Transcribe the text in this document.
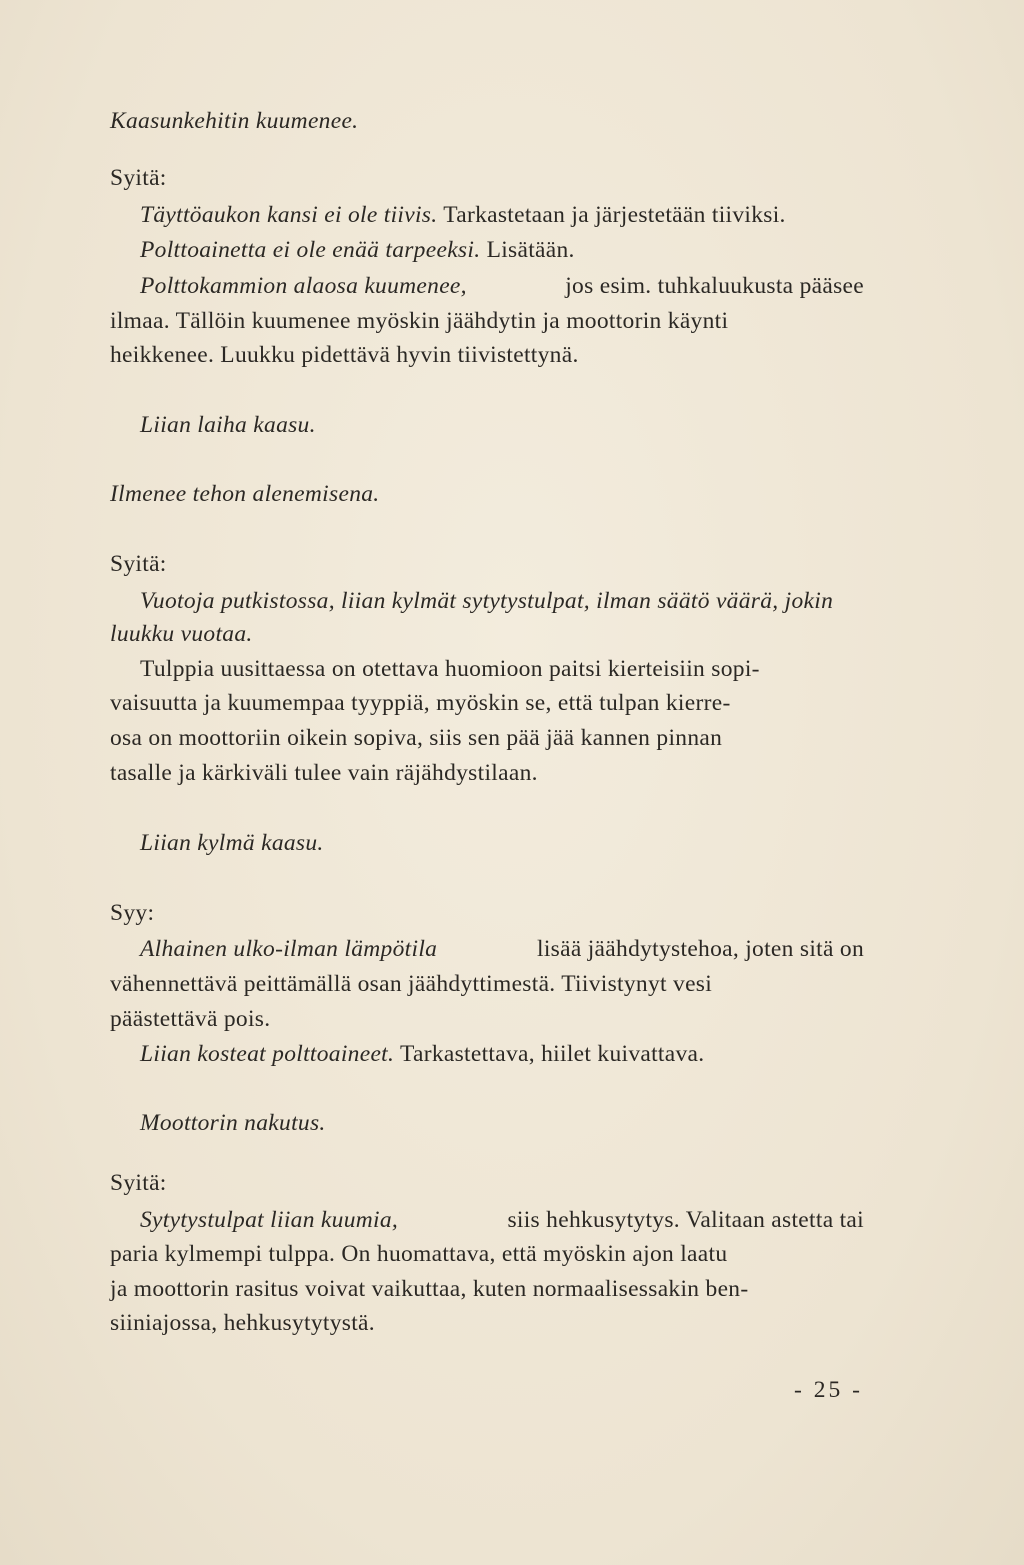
Kaasunkehitin kuumenee.
Syitä:
Täyttöaukon kansi ei ole tiivis. Tarkastetaan ja järjestetään tiiviksi.
Polttoainetta ei ole enää tarpeeksi. Lisätään.
Polttokammion alaosa kuumenee,	jos esim. tuhkaluukusta pääsee
ilmaa. Tällöin kuumenee myöskin jäähdytin ja moottorin käynti
heikkenee. Luukku pidettävä hyvin tiivistettynä.
Liian laiha kaasu.
Ilmenee tehon alenemisena.
Syitä:
Vuotoja putkistossa, liian kylmät sytytystulpat, ilman säätö väärä, jokin
luukku vuotaa.
Tulppia uusittaessa on otettava huomioon paitsi kierteisiin sopi-
vaisuutta ja kuumempaa tyyppiä, myöskin se, että tulpan kierre-
osa on moottoriin oikein sopiva, siis sen pää jää kannen pinnan
tasalle ja kärkiväli tulee vain räjähdystilaan.
Liian kylmä kaasu.
Syy:
Alhainen ulko-ilman lämpötila	lisää jäähdytystehoa, joten sitä on
vähennettävä peittämällä osan jäähdyttimestä. Tiivistynyt vesi
päästettävä pois.
Liian kosteat polttoaineet. Tarkastettava, hiilet kuivattava.
Moottorin nakutus.
Syitä:
Sytytystulpat liian kuumia,	siis hehkusytytys. Valitaan astetta tai
paria kylmempi tulppa. On huomattava, että myöskin ajon laatu
ja moottorin rasitus voivat vaikuttaa, kuten normaalisessakin ben-
siiniajossa, hehkusytytystä.
- 25 -
